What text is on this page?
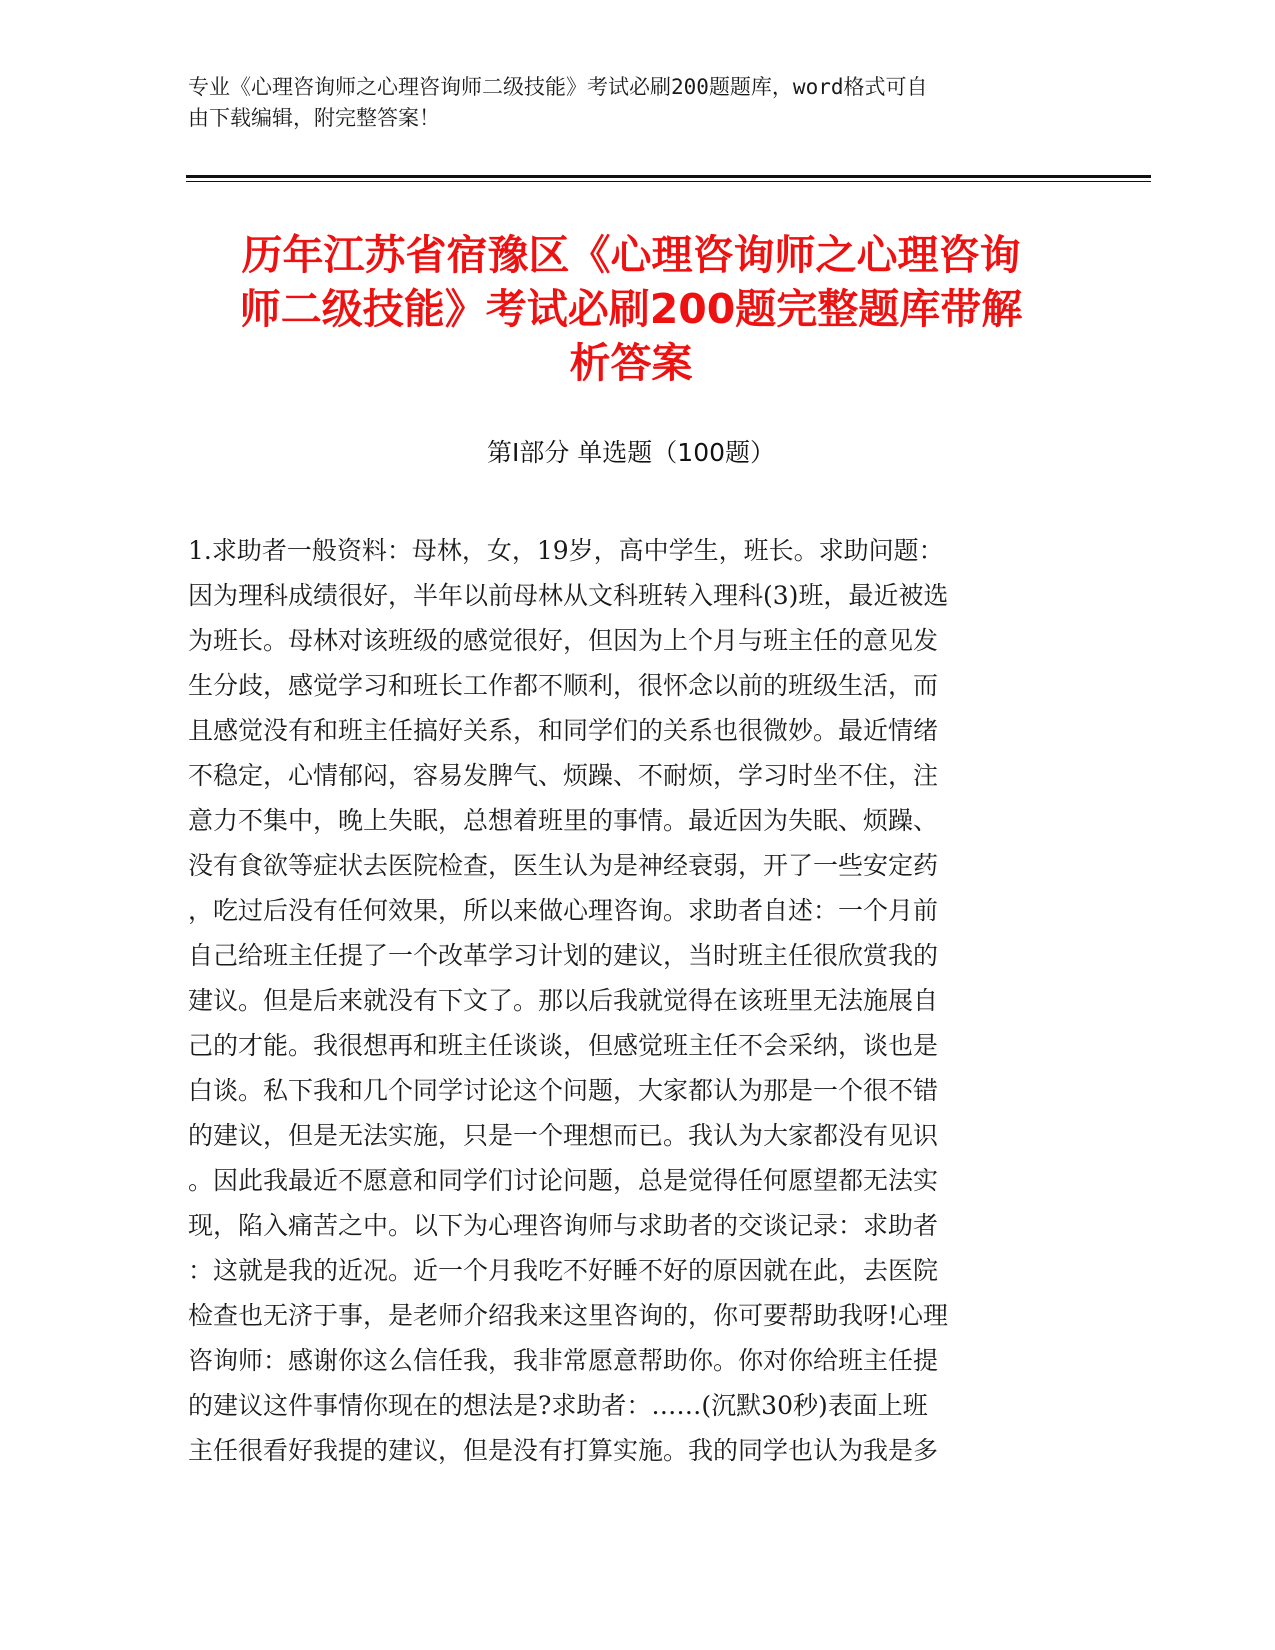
专业《心理咨询师之心理咨询师二级技能》考试必刷200题题库，word格式可自
由下载编辑，附完整答案！

历年江苏省宿豫区《心理咨询师之心理咨询
师二级技能》考试必刷200题完整题库带解
析答案
第Ⅰ部分 单选题（100题）
1.求助者一般资料：母林，女，19岁，高中学生，班长。求助问题：
因为理科成绩很好，半年以前母林从文科班转入理科(3)班，最近被选
为班长。母林对该班级的感觉很好，但因为上个月与班主任的意见发
生分歧，感觉学习和班长工作都不顺利，很怀念以前的班级生活，而
且感觉没有和班主任搞好关系，和同学们的关系也很微妙。最近情绪
不稳定，心情郁闷，容易发脾气、烦躁、不耐烦，学习时坐不住，注
意力不集中，晚上失眠，总想着班里的事情。最近因为失眠、烦躁、
没有食欲等症状去医院检查，医生认为是神经衰弱，开了一些安定药
，吃过后没有任何效果，所以来做心理咨询。求助者自述：一个月前
自己给班主任提了一个改革学习计划的建议，当时班主任很欣赏我的
建议。但是后来就没有下文了。那以后我就觉得在该班里无法施展自
己的才能。我很想再和班主任谈谈，但感觉班主任不会采纳，谈也是
白谈。私下我和几个同学讨论这个问题，大家都认为那是一个很不错
的建议，但是无法实施，只是一个理想而已。我认为大家都没有见识
。因此我最近不愿意和同学们讨论问题，总是觉得任何愿望都无法实
现，陷入痛苦之中。以下为心理咨询师与求助者的交谈记录：求助者
：这就是我的近况。近一个月我吃不好睡不好的原因就在此，去医院
检查也无济于事，是老师介绍我来这里咨询的，你可要帮助我呀!心理
咨询师：感谢你这么信任我，我非常愿意帮助你。你对你给班主任提
的建议这件事情你现在的想法是?求助者：……(沉默30秒)表面上班
主任很看好我提的建议，但是没有打算实施。我的同学也认为我是多
